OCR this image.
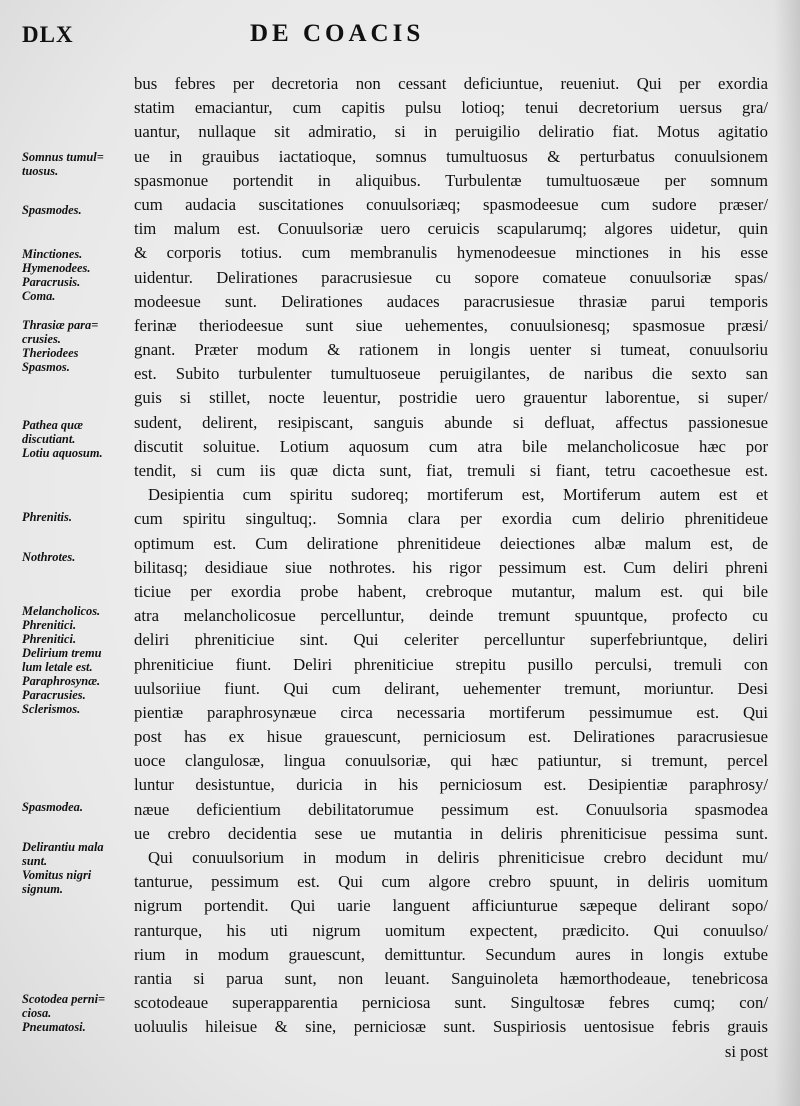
DLX	DE COACIS
Somnus tumul=
tuosus.
Spasmodes.
Minctiones.
Hymenodees.
Paracrusis.
Coma.
Thrasiæ para=
crusies.
Theriodees
Spasmos.
Pathea quæ
discutiant.
Lotiu aquosum.
Phrenitis.
Nothrotes.
Melancholicos.
Phrenitici.
Phrenitici.
Delirium tremu
lum letale est.
Paraphrosynæ.
Paracrusies.
Sclerismos.
Spasmodea.
Delirantiu mala
sunt.
Vomitus nigri
signum.
Scotodea perni=
ciosa.
Pneumatosi.
bus febres per decretoria non cessant deficiuntue, reueniut. Qui per exordia
statim emaciantur, cum capitis pulsu lotioq; tenui decretorium uersus gra/
uantur, nullaque sit admiratio, si in peruigilio deliratio fiat. Motus agitatio
ue in grauibus iactatioque, somnus tumultuosus & perturbatus conuulsionem
spasmonue portendit in aliquibus. Turbulentæ tumultuosæue per somnum
cum audacia suscitationes conuulsoriæq; spasmodeesue cum sudore præser/
tim malum est. Conuulsoriæ uero ceruicis scapularumq; algores uidetur, quin
& corporis totius. cum membranulis hymenodeesue minctiones in his esse
uidentur. Delirationes paracrusiesue cu sopore comateue conuulsoriæ spas/
modeesue sunt. Delirationes audaces paracrusiesue thrasiæ parui temporis
ferinæ theriodeesue sunt siue uehementes, conuulsionesq; spasmosue præsi/
gnant. Præter modum & rationem in longis uenter si tumeat, conuulsoriu
est. Subito turbulenter tumultuoseue peruigilantes, de naribus die sexto san
guis si stillet, nocte leuentur, postridie uero grauentur laborentue, si super/
sudent, delirent, resipiscant, sanguis abunde si defluat, affectus passionesue
discutit soluitue. Lotium aquosum cum atra bile melancholicosue hæc por
tendit, si cum iis quæ dicta sunt, fiat, tremuli si fiant, tetru cacoethesue est.
Desipientia cum spiritu sudoreq; mortiferum est, Mortiferum autem est et
cum spiritu singultuq;. Somnia clara per exordia cum delirio phrenitideue
optimum est. Cum deliratione phrenitideue deiectiones albæ malum est, de
bilitasq; desidiaue siue nothrotes. his rigor pessimum est. Cum deliri phreni
ticiue per exordia probe habent, crebroque mutantur, malum est. qui bile
atra melancholicosue percelluntur, deinde tremunt spuuntque, profecto cu
deliri phreniticiue sint. Qui celeriter percelluntur superfebriuntque, deliri
phreniticiue fiunt. Deliri phreniticiue strepitu pusillo perculsi, tremuli con
uulsoriiue fiunt. Qui cum delirant, uehementer tremunt, moriuntur. Desi
pientiæ paraphrosynæue circa necessaria mortiferum pessimumue est. Qui
post has ex hisue grauescunt, perniciosum est. Delirationes paracrusiesue
uoce clangulosæ, lingua conuulsoriæ, qui hæc patiuntur, si tremunt, percel
luntur desistuntue, duricia in his perniciosum est. Desipientiæ paraphrosy/
næue deficientium debilitatorumue pessimum est. Conuulsoria spasmodea
ue crebro decidentia sese ue mutantia in deliris phreniticisue pessima sunt.
Qui conuulsorium in modum in deliris phreniticisue crebro decidunt mu/
tanturue, pessimum est. Qui cum algore crebro spuunt, in deliris uomitum
nigrum portendit. Qui uarie languent afficiunturue sæpeque delirant sopo/
ranturque, his uti nigrum uomitum expectent, prædicito. Qui conuulso/
rium in modum grauescunt, demittuntur. Secundum aures in longis extube
rantia si parua sunt, non leuant. Sanguinoleta hæmorthodeaue, tenebricosa
scotodeaue superapparentia perniciosa sunt. Singultosæ febres cumq; con/
uoluulis hileisue & sine, perniciosæ sunt. Suspiriosis uentosisue febris grauis
si post
